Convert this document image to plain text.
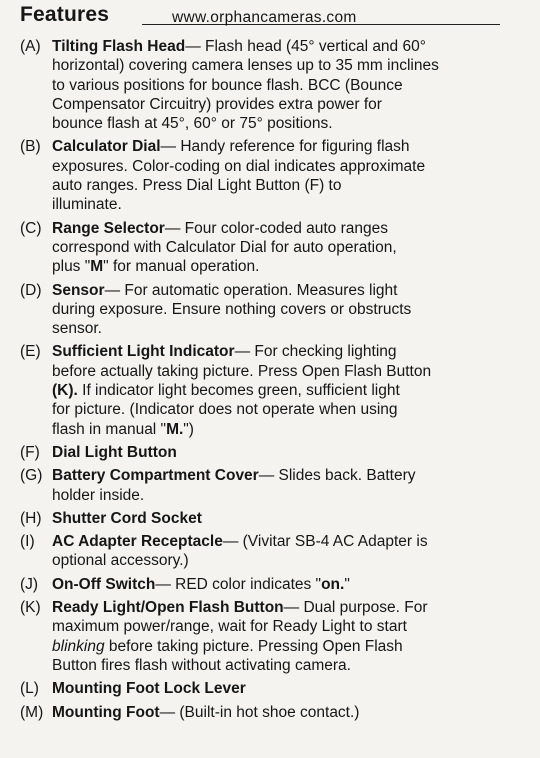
Features	www.orphancameras.com
(A) Tilting Flash Head— Flash head (45° vertical and 60°
horizontal) covering camera lenses up to 35 mm inclines
to various positions for bounce flash. BCC (Bounce
Compensator Circuitry) provides extra power for
bounce flash at 45°, 60° or 75° positions.
(B) Calculator Dial— Handy reference for figuring flash
exposures. Color-coding on dial indicates approximate
auto ranges. Press Dial Light Button (F) to
illuminate.
(C) Range Selector— Four color-coded auto ranges
correspond with Calculator Dial for auto operation,
plus "M" for manual operation.
(D) Sensor— For automatic operation. Measures light
during exposure. Ensure nothing covers or obstructs
sensor.
(E) Sufficient Light Indicator— For checking lighting
before actually taking picture. Press Open Flash Button
(K). If indicator light becomes green, sufficient light
for picture. (Indicator does not operate when using
flash in manual "M.")
(F) Dial Light Button
(G) Battery Compartment Cover— Slides back. Battery
holder inside.
(H) Shutter Cord Socket
(I)	AC Adapter Receptacle— (Vivitar SB-4 AC Adapter is
optional accessory.)
(J) On-Off Switch— RED color indicates "on."
(K) Ready Light/Open Flash Button— Dual purpose. For
maximum power/range, wait for Ready Light to start
blinking before taking picture. Pressing Open Flash
Button fires flash without activating camera.
(L) Mounting Foot Lock Lever
(M) Mounting Foot— (Built-in hot shoe contact.)
